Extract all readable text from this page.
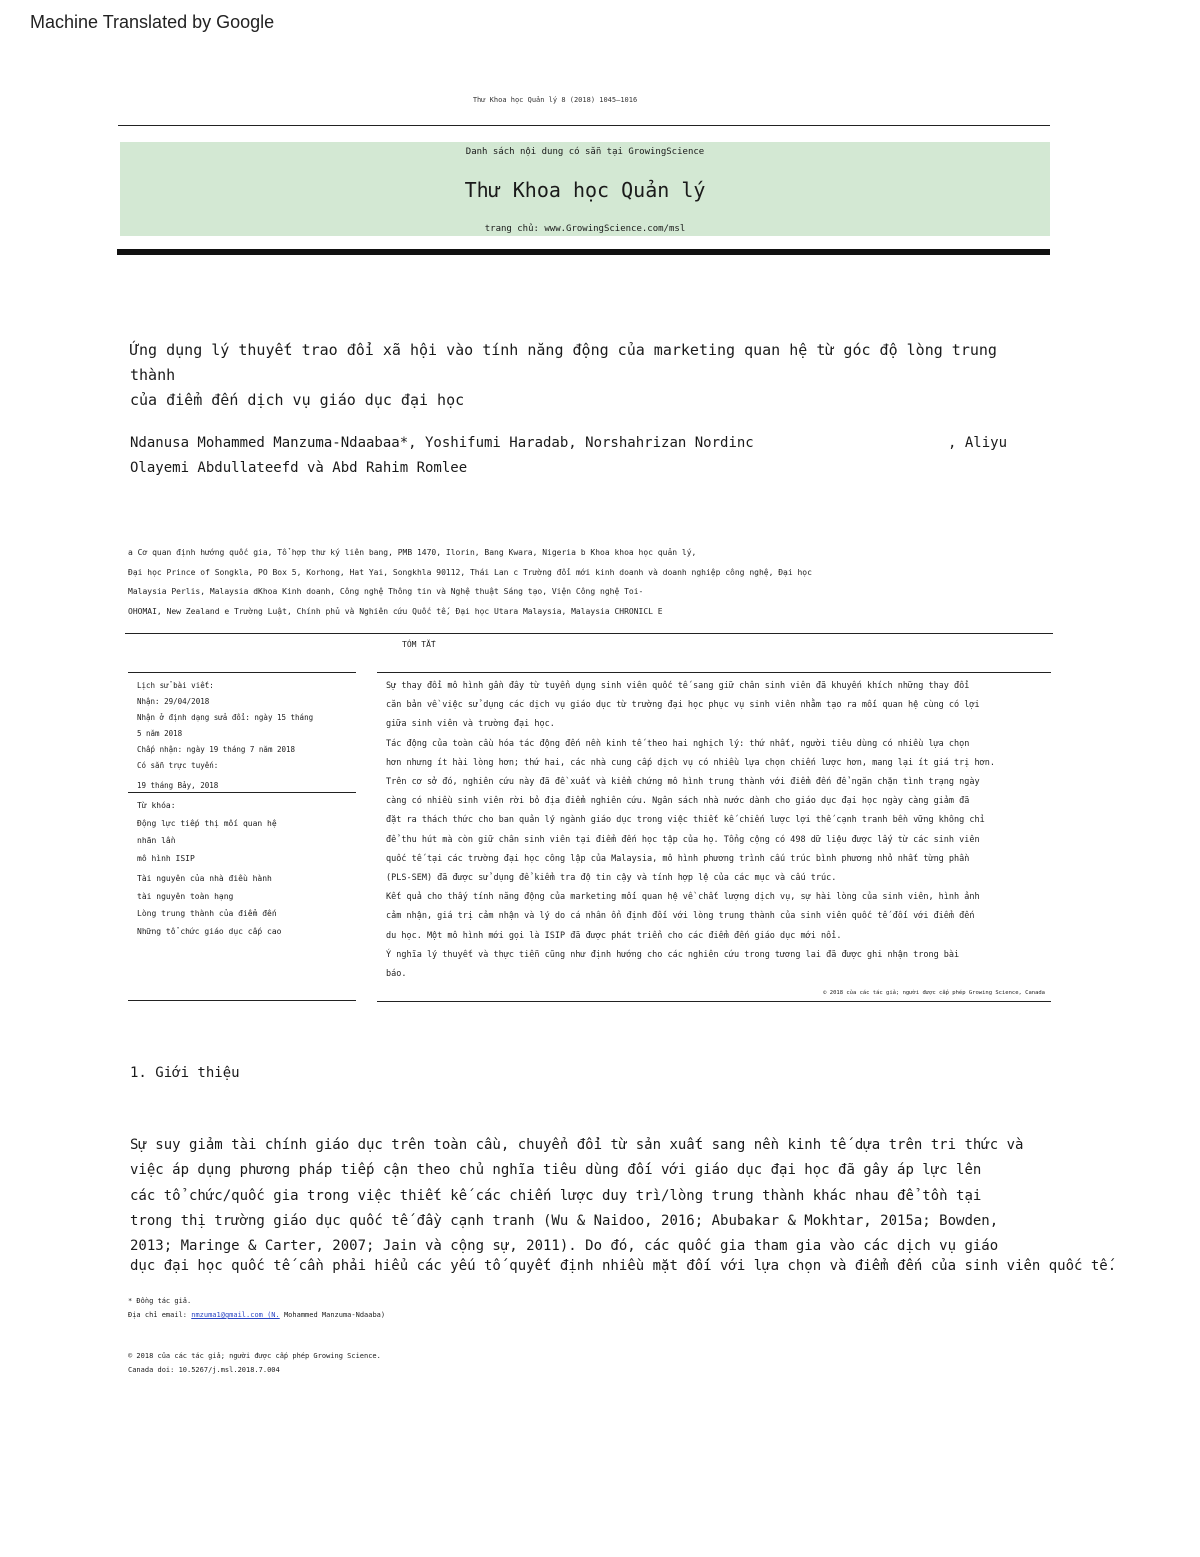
Machine Translated by Google
Thư Khoa học Quản lý 8 (2018) 1045–1016
Danh sách nội dung có sẵn tại GrowingScience
Thư Khoa học Quản lý
trang chủ: www.GrowingScience.com/msl
Ứng dụng lý thuyết trao đổi xã hội vào tính năng động của marketing quan hệ từ góc độ lòng trung thành
của điểm đến dịch vụ giáo dục đại học
Ndanusa Mohammed Manzuma-Ndaabaa*, Yoshifumi Haradab, Norshahrizan Nordinc	, Aliyu
Olayemi Abdullateefd và Abd Rahim Romlee
a Cơ quan định hướng quốc gia, Tổ hợp thư ký liên bang, PMB 1470, Ilorin, Bang Kwara, Nigeria b Khoa khoa học quản lý,
Đại học Prince of Songkla, PO Box 5, Korhong, Hat Yai, Songkhla 90112, Thái Lan c Trường đổi mới kinh doanh và doanh nghiệp công nghệ, Đại học
Malaysia Perlis, Malaysia dKhoa Kinh doanh, Công nghệ Thông tin và Nghệ thuật Sáng tạo, Viện Công nghệ Toi-
OHOMAI, New Zealand e Trường Luật, Chính phủ và Nghiên cứu Quốc tế, Đại học Utara Malaysia, Malaysia CHRONICL E
TÓM TẮT
Lịch sử bài viết:
Nhận: 29/04/2018
Nhận ở định dạng sửa đổi: ngày 15 tháng
5 năm 2018
Chấp nhận: ngày 19 tháng 7 năm 2018
Có sẵn trực tuyến:
19 tháng Bảy, 2018
Từ khóa:
Động lực tiếp thị mối quan hệ
nhãn lần
mô hình ISIP
Tài nguyên của nhà điều hành
tài nguyên toàn hạng
Lòng trung thành của điểm đến
Những tổ chức giáo dục cấp cao
Sự thay đổi mô hình gần đây từ tuyển dụng sinh viên quốc tế sang giữ chân sinh viên đã khuyến khích những thay đổi
căn bản về việc sử dụng các dịch vụ giáo dục từ trường đại học phục vụ sinh viên nhằm tạo ra mối quan hệ cùng có lợi
giữa sinh viên và trường đại học.
Tác động của toàn cầu hóa tác động đến nền kinh tế theo hai nghịch lý: thứ nhất, người tiêu dùng có nhiều lựa chọn
hơn nhưng ít hài lòng hơn; thứ hai, các nhà cung cấp dịch vụ có nhiều lựa chọn chiến lược hơn, mang lại ít giá trị hơn.
Trên cơ sở đó, nghiên cứu này đã đề xuất và kiểm chứng mô hình trung thành với điểm đến để ngăn chặn tình trạng ngày
càng có nhiều sinh viên rời bỏ địa điểm nghiên cứu. Ngân sách nhà nước dành cho giáo dục đại học ngày càng giảm đã
đặt ra thách thức cho ban quản lý ngành giáo dục trong việc thiết kế chiến lược lợi thế cạnh tranh bền vững không chỉ
để thu hút mà còn giữ chân sinh viên tại điểm đến học tập của họ. Tổng cộng có 498 dữ liệu được lấy từ các sinh viên
quốc tế tại các trường đại học công lập của Malaysia, mô hình phương trình cấu trúc bình phương nhỏ nhất từng phần
(PLS-SEM) đã được sử dụng để kiểm tra độ tin cậy và tính hợp lệ của các mục và cấu trúc.
Kết quả cho thấy tính năng động của marketing mối quan hệ về chất lượng dịch vụ, sự hài lòng của sinh viên, hình ảnh
cảm nhận, giá trị cảm nhận và lý do cá nhân ổn định đối với lòng trung thành của sinh viên quốc tế đối với điểm đến
du học. Một mô hình mới gọi là ISIP đã được phát triển cho các điểm đến giáo dục mới nổi.
Ý nghĩa lý thuyết và thực tiễn cũng như định hướng cho các nghiên cứu trong tương lai đã được ghi nhận trong bài
báo.
© 2018 của các tác giả; người được cấp phép Growing Science, Canada
1. Giới thiệu
Sự suy giảm tài chính giáo dục trên toàn cầu, chuyển đổi từ sản xuất sang nền kinh tế dựa trên tri thức và
việc áp dụng phương pháp tiếp cận theo chủ nghĩa tiêu dùng đối với giáo dục đại học đã gây áp lực lên
các tổ chức/quốc gia trong việc thiết kế các chiến lược duy trì/lòng trung thành khác nhau để tồn tại
trong thị trường giáo dục quốc tế đầy cạnh tranh (Wu & Naidoo, 2016; Abubakar & Mokhtar, 2015a; Bowden,
2013; Maringe & Carter, 2007; Jain và cộng sự, 2011). Do đó, các quốc gia tham gia vào các dịch vụ giáo
dục đại học quốc tế cần phải hiểu các yếu tố quyết định nhiều mặt đối với lựa chọn và điểm đến của sinh viên quốc tế.
* Đồng tác giả.
Địa chỉ email: nmzuma1@gmail.com (N. Mohammed Manzuma-Ndaaba)
© 2018 của các tác giả; người được cấp phép Growing Science.
Canada doi: 10.5267/j.msl.2018.7.004
